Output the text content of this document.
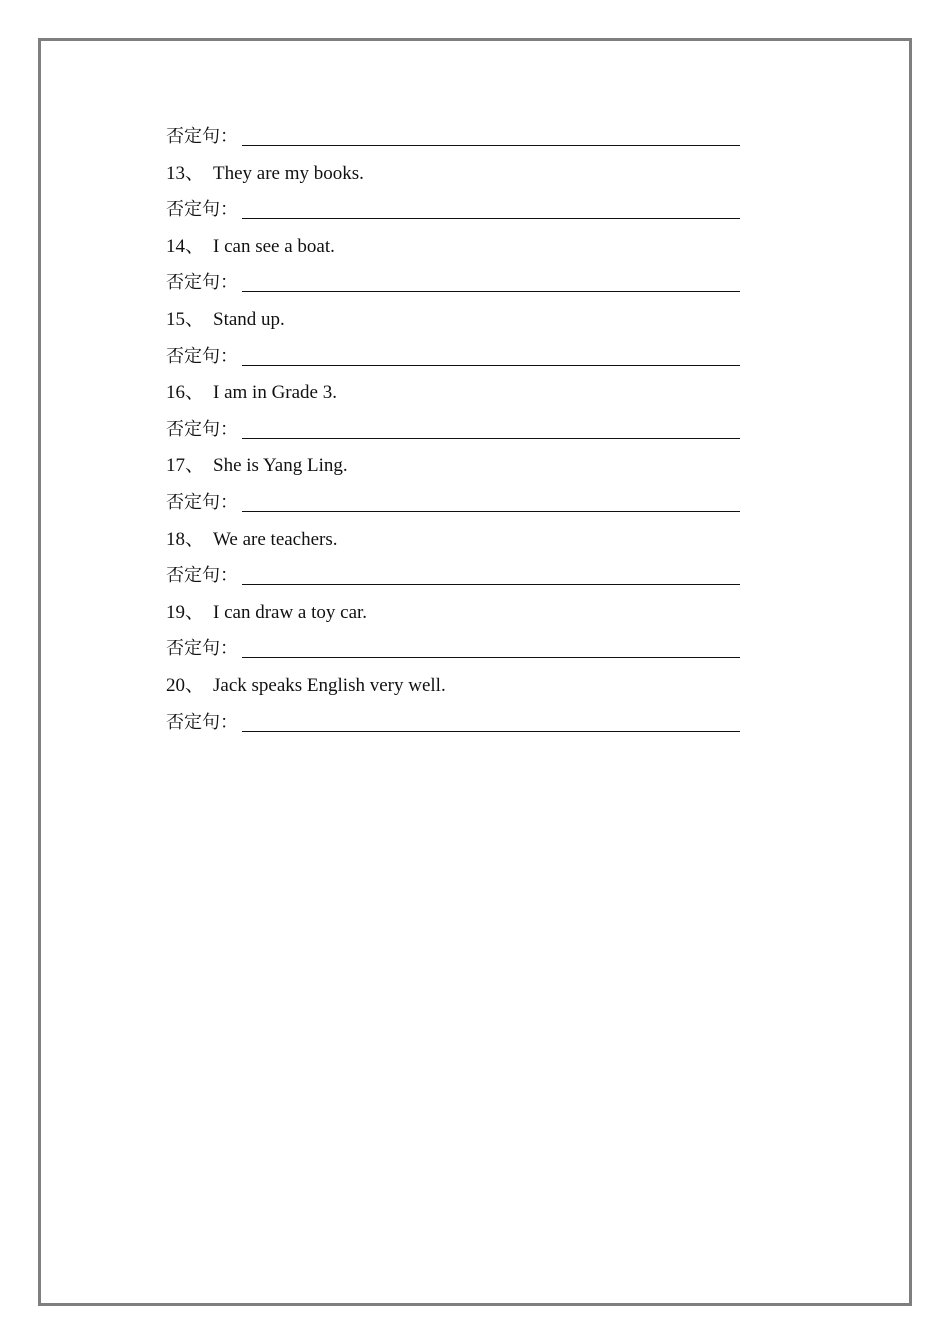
否定句：
13、 They are my books.
否定句：
14、 I can see a boat.
否定句：
15、 Stand up.
否定句：
16、 I am in Grade 3.
否定句：
17、 She is Yang Ling.
否定句：
18、 We are teachers.
否定句：
19、 I can draw a toy car.
否定句：
20、 Jack speaks English very well.
否定句：
